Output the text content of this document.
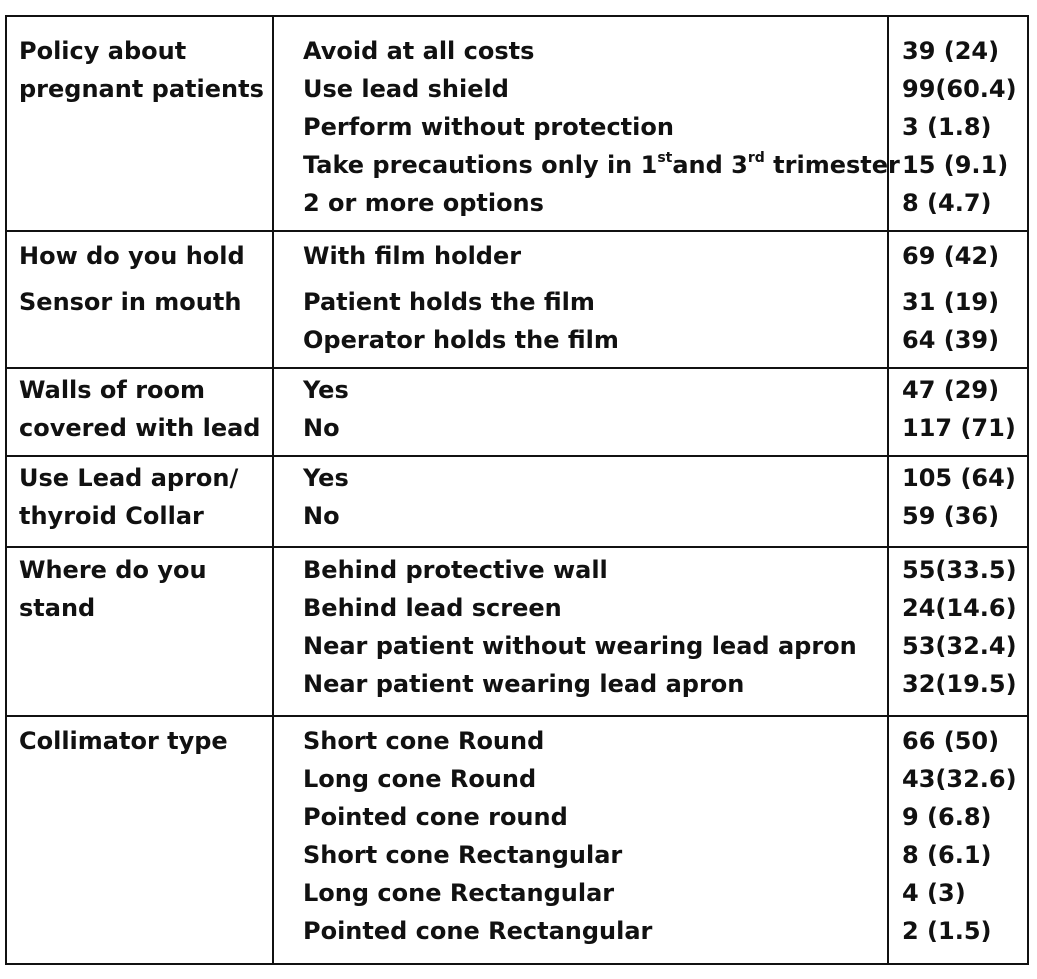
Policy about
pregnant patients
Avoid at all costs
Use lead shield
Perform without protection
Take precautions only in 1stand 3rd trimester
2 or more options
39 (24)
99(60.4)
3 (1.8)
15 (9.1)
8 (4.7)
How do you hold
Sensor in mouth
With film holder
Patient holds the film
Operator holds the film
69 (42)
31 (19)
64 (39)
Walls of room
covered with lead
Yes
No
47 (29)
117 (71)
Use Lead apron/
thyroid Collar
Yes
No
105 (64)
59 (36)
Where do you
stand
Behind protective wall
Behind lead screen
Near patient without wearing lead apron
Near patient wearing lead apron
55(33.5)
24(14.6)
53(32.4)
32(19.5)
Collimator type	Short cone Round
Long cone Round
Pointed cone round
Short cone Rectangular
Long cone Rectangular
Pointed cone Rectangular
66 (50)
43(32.6)
9 (6.8)
8 (6.1)
4 (3)
2 (1.5)
